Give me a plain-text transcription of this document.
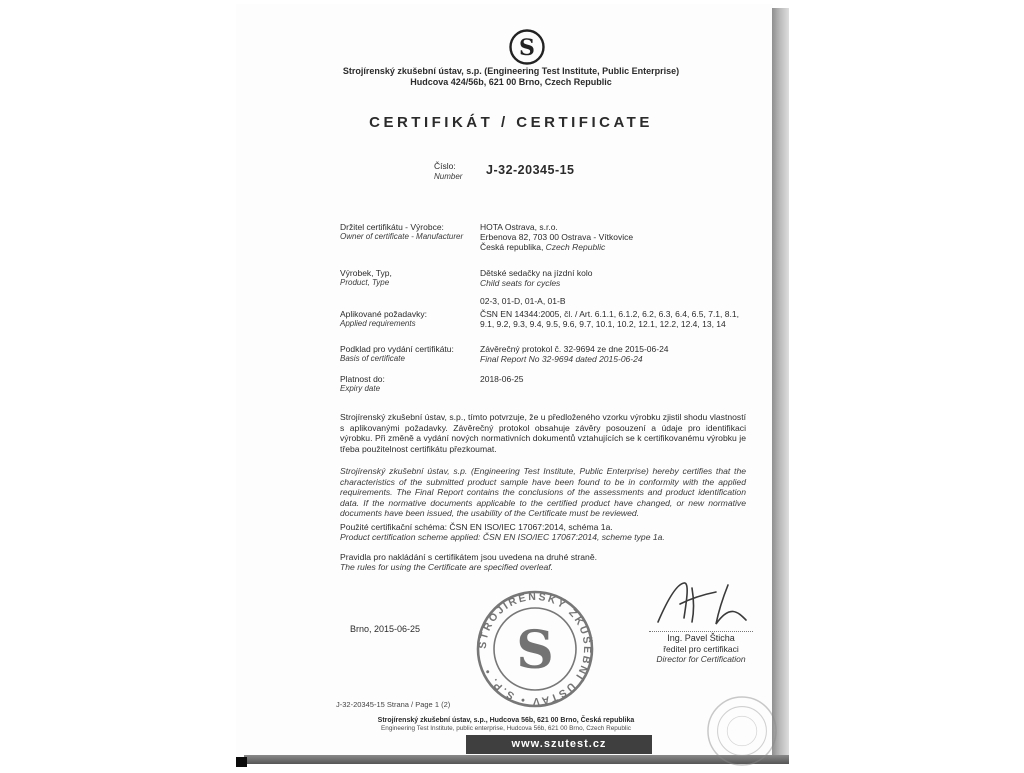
S
Strojírenský zkušební ústav, s.p. (Engineering Test Institute, Public Enterprise)
Hudcova 424/56b, 621 00 Brno, Czech Republic
CERTIFIKÁT / CERTIFICATE
Číslo:
Number J-32-20345-15
Držitel certifikátu - Výrobce:
Owner of certificate - Manufacturer
HOTA Ostrava, s.r.o.
Erbenova 82, 703 00 Ostrava - Vítkovice
Česká republika, Czech Republic
Výrobek, Typ,
Product, Type
Dětské sedačky na jízdní kolo
Child seats for cycles
02-3, 01-D, 01-A, 01-B
Aplikované požadavky:
Applied requirements
ČSN EN 14344:2005, čl. / Art. 6.1.1, 6.1.2, 6.2, 6.3, 6.4, 6.5, 7.1, 8.1, 9.1, 9.2, 9.3, 9.4, 9.5, 9.6, 9.7, 10.1, 10.2, 12.1, 12.2, 12.4, 13, 14
Podklad pro vydání certifikátu:
Basis of certificate
Závěrečný protokol č. 32-9694 ze dne 2015-06-24
Final Report No 32-9694 dated 2015-06-24
Platnost do:
Expiry date
2018-06-25
Strojírenský zkušební ústav, s.p., tímto potvrzuje, že u předloženého vzorku výrobku zjistil shodu vlastností s aplikovanými požadavky. Závěrečný protokol obsahuje závěry posouzení a údaje pro identifikaci výrobku. Při změně a vydání nových normativních dokumentů vztahujících se k certifikovanému výrobku je třeba použitelnost certifikátu přezkoumat.
Strojírenský zkušební ústav, s.p. (Engineering Test Institute, Public Enterprise) hereby certifies that the characteristics of the submitted product sample have been found to be in conformity with the applied requirements. The Final Report contains the conclusions of the assessments and product identification data. If the normative documents applicable to the certified product have changed, or new normative documents have been issued, the usability of the Certificate must be reviewed.
Použité certifikační schéma: ČSN EN ISO/IEC 17067:2014, schéma 1a.
Product certification scheme applied: ČSN EN ISO/IEC 17067:2014, scheme type 1a.
Pravidla pro nakládání s certifikátem jsou uvedena na druhé straně.
The rules for using the Certificate are specified overleaf.
Brno, 2015-06-25
STROJÍRENSKÝ ZKUŠEBNÍ ÚSTAV • S.P. • S	Ing. Pavel Šticha
ředitel pro certifikaci
Director for Certification
J-32-20345-15 Strana / Page 1 (2)
Strojírenský zkušební ústav, s.p., Hudcova 56b, 621 00 Brno, Česká republika
Engineering Test Institute, public enterprise, Hudcova 56b, 621 00 Brno, Czech Republic
www.szutest.cz
